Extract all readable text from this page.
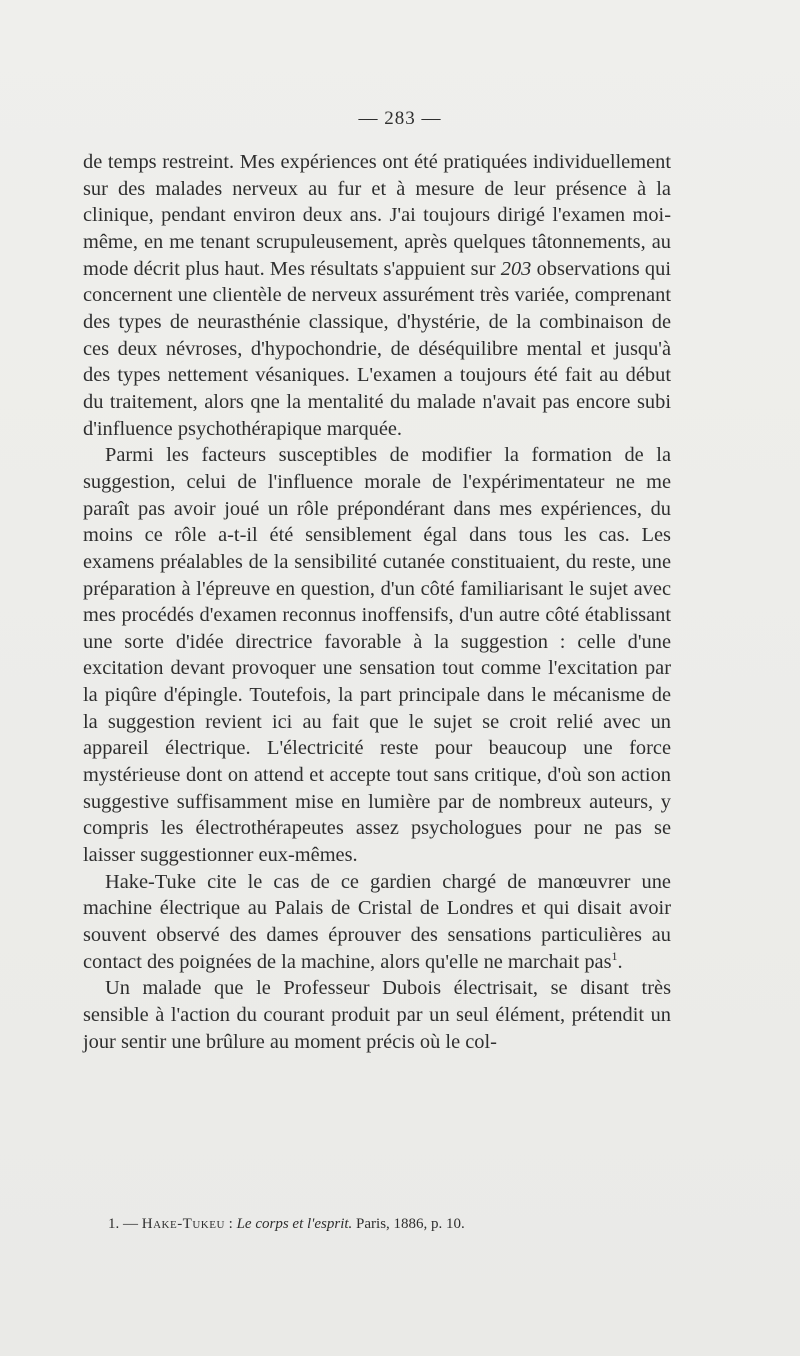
— 283 —

de temps restreint. Mes expériences ont été pratiquées individuellement sur des malades nerveux au fur et à mesure de leur présence à la clinique, pendant environ deux ans. J'ai toujours dirigé l'examen moi-même, en me tenant scrupuleusement, après quelques tâtonnements, au mode décrit plus haut. Mes résultats s'appuient sur 203 observations qui concernent une clientèle de nerveux assurément très variée, comprenant des types de neurasthénie classique, d'hystérie, de la combinaison de ces deux névroses, d'hypochondrie, de déséquilibre mental et jusqu'à des types nettement vésaniques. L'examen a toujours été fait au début du traitement, alors qne la mentalité du malade n'avait pas encore subi d'influence psychothérapique marquée.

Parmi les facteurs susceptibles de modifier la formation de la suggestion, celui de l'influence morale de l'expérimentateur ne me paraît pas avoir joué un rôle prépondérant dans mes expériences, du moins ce rôle a-t-il été sensiblement égal dans tous les cas. Les examens préalables de la sensibilité cutanée constituaient, du reste, une préparation à l'épreuve en question, d'un côté familiarisant le sujet avec mes procédés d'examen reconnus inoffensifs, d'un autre côté établissant une sorte d'idée directrice favorable à la suggestion : celle d'une excitation devant provoquer une sensation tout comme l'excitation par la piqûre d'épingle. Toutefois, la part principale dans le mécanisme de la suggestion revient ici au fait que le sujet se croit relié avec un appareil électrique. L'électricité reste pour beaucoup une force mystérieuse dont on attend et accepte tout sans critique, d'où son action suggestive suffisamment mise en lumière par de nombreux auteurs, y compris les électrothérapeutes assez psychologues pour ne pas se laisser suggestionner eux-mêmes.

Hake-Tuke cite le cas de ce gardien chargé de manœuvrer une machine électrique au Palais de Cristal de Londres et qui disait avoir souvent observé des dames éprouver des sensations particulières au contact des poignées de la machine, alors qu'elle ne marchait pas$^1$.

Un malade que le Professeur Dubois électrisait, se disant très sensible à l'action du courant produit par un seul élément, prétendit un jour sentir une brûlure au moment précis où le col-

1. — Hake-Tukeu : Le corps et l'esprit. Paris, 1886, p. 10.
